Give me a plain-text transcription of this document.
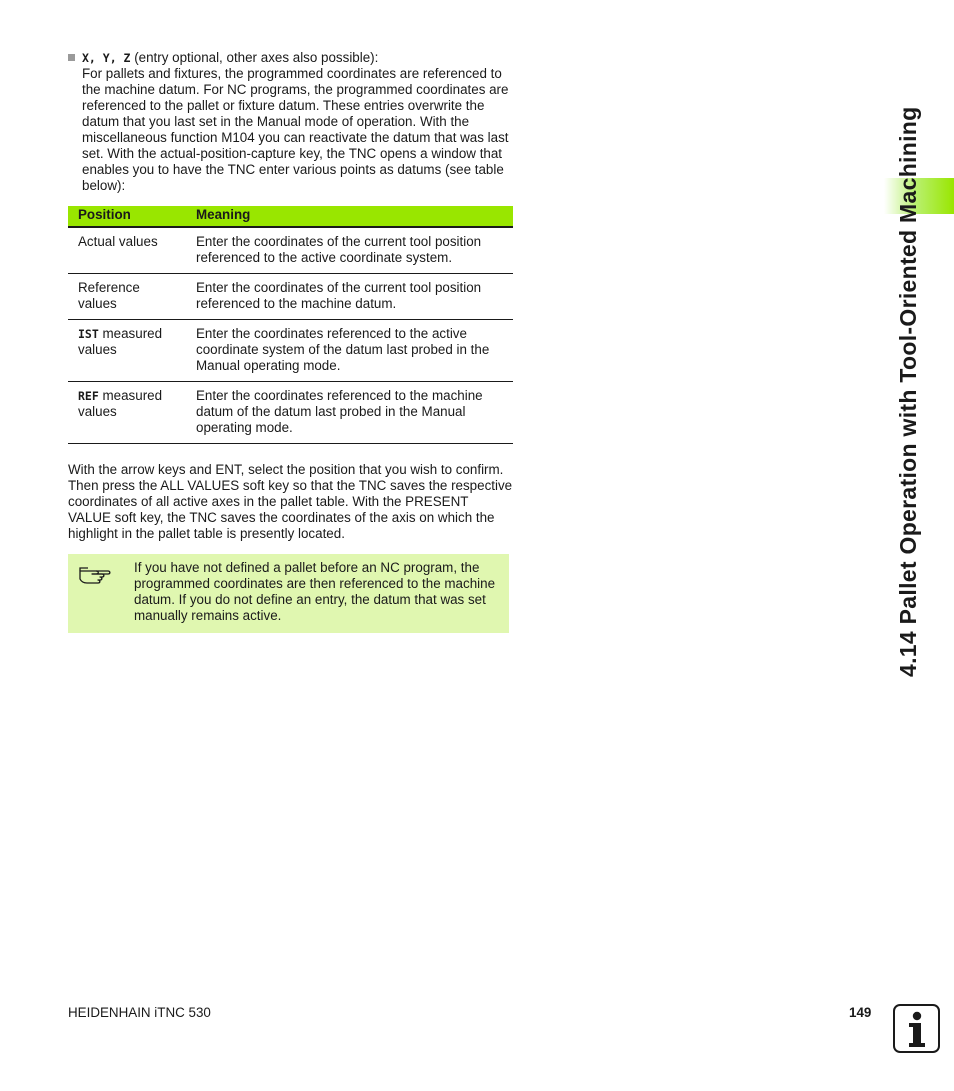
X, Y, Z (entry optional, other axes also possible):
For pallets and fixtures, the programmed coordinates are referenced to the machine datum. For NC programs, the programmed coordinates are referenced to the pallet or fixture datum. These entries overwrite the datum that you last set in the Manual mode of operation. With the miscellaneous function M104 you can reactivate the datum that was last set. With the actual-position-capture key, the TNC opens a window that enables you to have the TNC enter various points as datums (see table below):
Position	Meaning
Actual values	Enter the coordinates of the current tool position referenced to the active coordinate system.
Reference values	Enter the coordinates of the current tool position referenced to the machine datum.
IST measured values	Enter the coordinates referenced to the active coordinate system of the datum last probed in the Manual operating mode.
REF measured values	Enter the coordinates referenced to the machine datum of the datum last probed in the Manual operating mode.
With the arrow keys and ENT, select the position that you wish to confirm. Then press the ALL VALUES soft key so that the TNC saves the respective coordinates of all active axes in the pallet table. With the PRESENT VALUE soft key, the TNC saves the coordinates of the axis on which the highlight in the pallet table is presently located.
If you have not defined a pallet before an NC program, the programmed coordinates are then referenced to the machine datum. If you do not define an entry, the datum that was set manually remains active.	4.14 Pallet Operation with Tool-Oriented Machining
HEIDENHAIN iTNC 530	149
